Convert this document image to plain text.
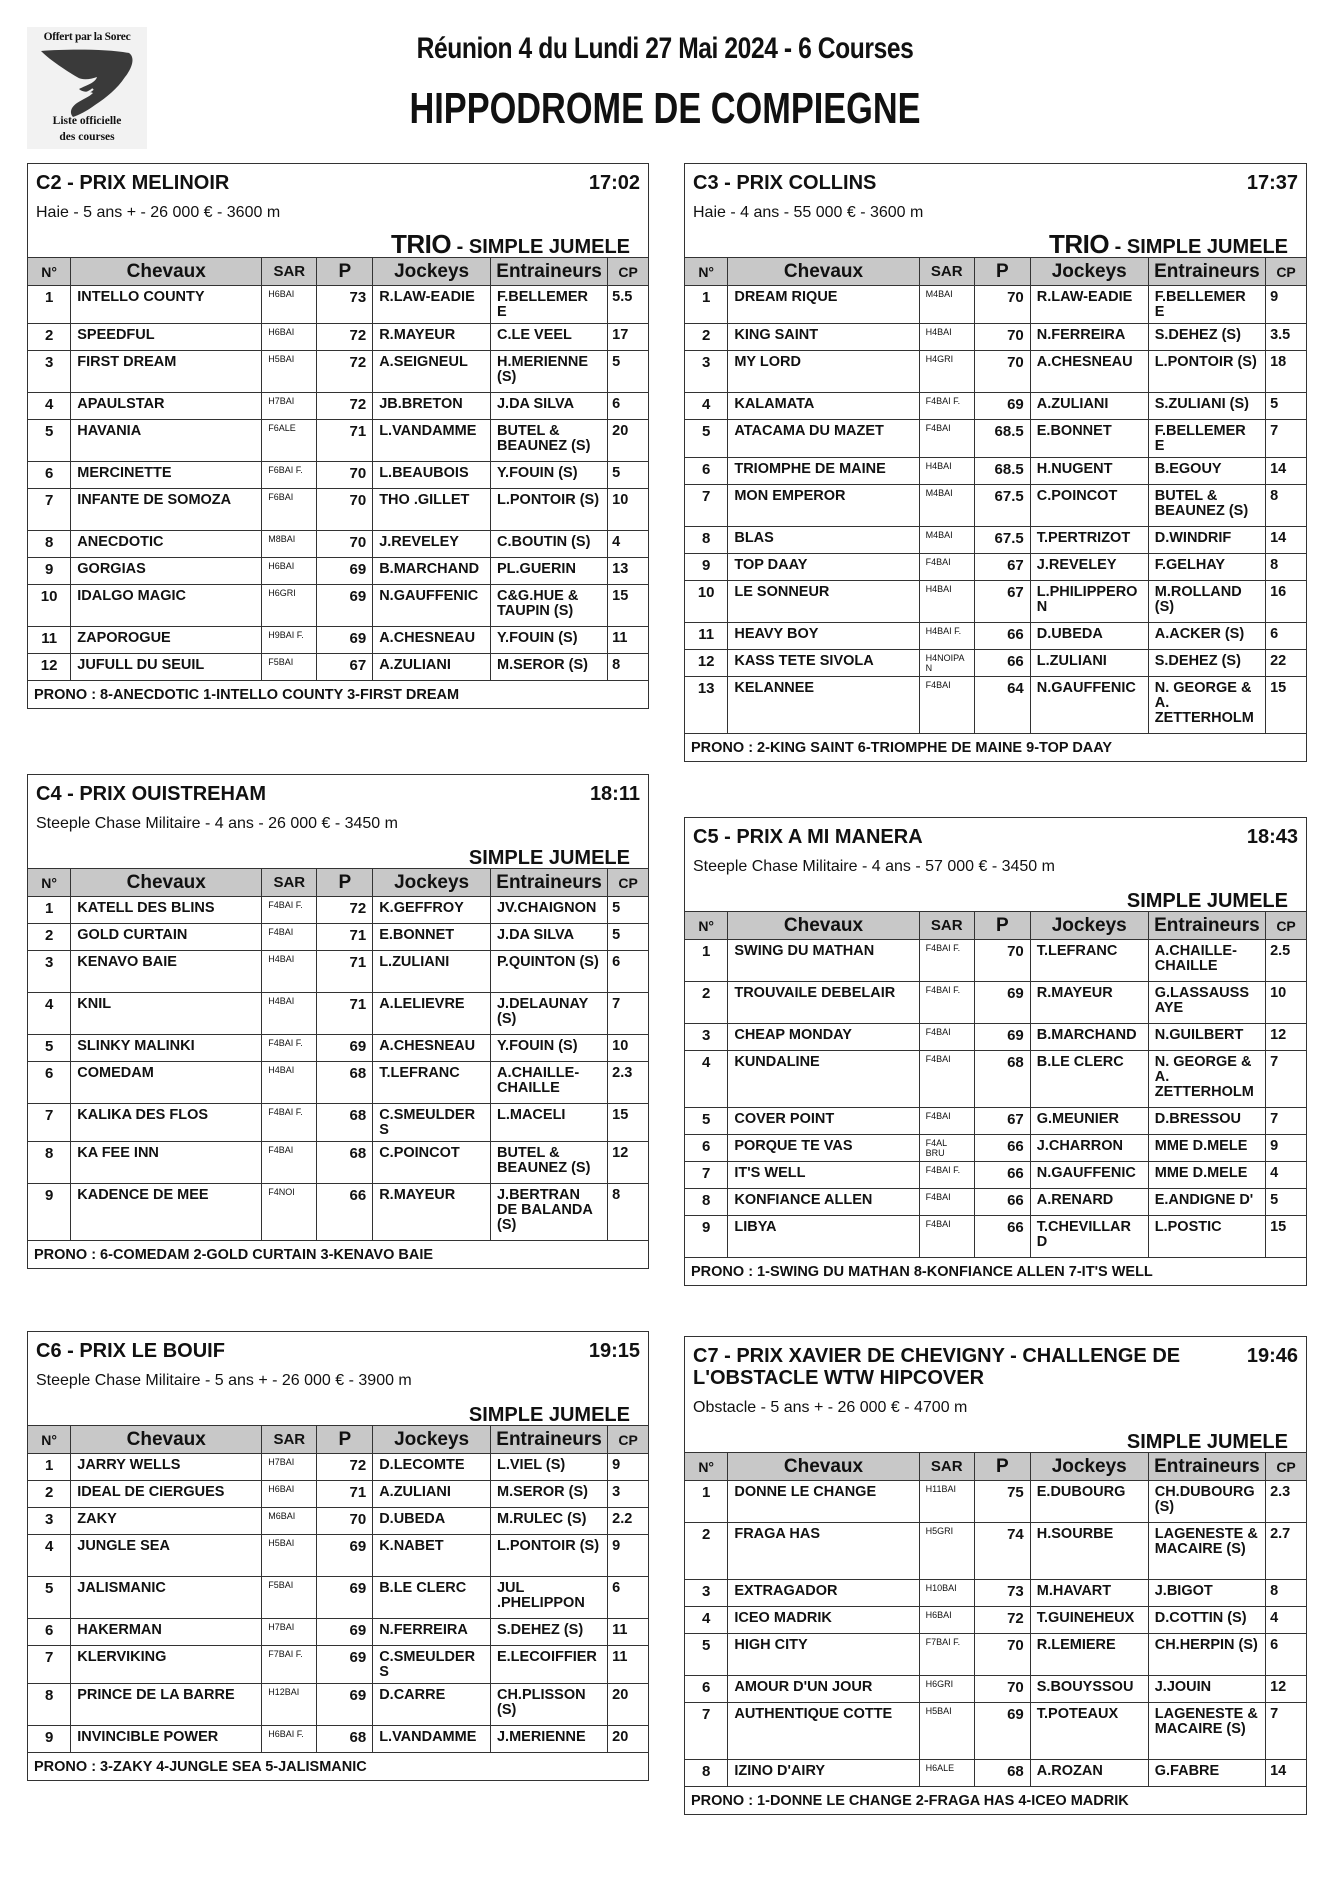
Offert par la Sorec
Liste officielle
des courses
Réunion 4 du Lundi 27 Mai 2024 - 6 Courses
HIPPODROME DE COMPIEGNE
C2 - PRIX MELINOIR	17:02
Haie - 5 ans + - 26 000 € - 3600 m
TRIO - SIMPLE JUMELE
N°	Chevaux	SAR	P	Jockeys	Entraineurs	CP
1	INTELLO COUNTY	H6BAI	73	R.LAW-EADIE	F.BELLEMER E	5.5
2	SPEEDFUL	H6BAI	72	R.MAYEUR	C.LE VEEL	17
3	FIRST DREAM	H5BAI	72	A.SEIGNEUL	H.MERIENNE (S)	5
4	APAULSTAR	H7BAI	72	JB.BRETON	J.DA SILVA	6
5	HAVANIA	F6ALE	71	L.VANDAMME	BUTEL & BEAUNEZ (S)	20
6	MERCINETTE	F6BAI F.	70	L.BEAUBOIS	Y.FOUIN (S)	5
7	INFANTE DE SOMOZA	F6BAI	70	THO .GILLET	L.PONTOIR (S)	10
8	ANECDOTIC	M8BAI	70	J.REVELEY	C.BOUTIN (S)	4
9	GORGIAS	H6BAI	69	B.MARCHAND	PL.GUERIN	13
10	IDALGO MAGIC	H6GRI	69	N.GAUFFENIC	C&G.HUE & TAUPIN (S)	15
11	ZAPOROGUE	H9BAI F.	69	A.CHESNEAU	Y.FOUIN (S)	11
12	JUFULL DU SEUIL	F5BAI	67	A.ZULIANI	M.SEROR (S)	8
PRONO : 8-ANECDOTIC 1-INTELLO COUNTY 3-FIRST DREAM
C3 - PRIX COLLINS	17:37
Haie - 4 ans - 55 000 € - 3600 m
TRIO - SIMPLE JUMELE
N°	Chevaux	SAR	P	Jockeys	Entraineurs	CP
1	DREAM RIQUE	M4BAI	70	R.LAW-EADIE	F.BELLEMER E	9
2	KING SAINT	H4BAI	70	N.FERREIRA	S.DEHEZ (S)	3.5
3	MY LORD	H4GRI	70	A.CHESNEAU	L.PONTOIR (S)	18
4	KALAMATA	F4BAI F.	69	A.ZULIANI	S.ZULIANI (S)	5
5	ATACAMA DU MAZET	F4BAI	68.5	E.BONNET	F.BELLEMER E	7
6	TRIOMPHE DE MAINE	H4BAI	68.5	H.NUGENT	B.EGOUY	14
7	MON EMPEROR	M4BAI	67.5	C.POINCOT	BUTEL & BEAUNEZ (S)	8
8	BLAS	M4BAI	67.5	T.PERTRIZOT	D.WINDRIF	14
9	TOP DAAY	F4BAI	67	J.REVELEY	F.GELHAY	8
10	LE SONNEUR	H4BAI	67	L.PHILIPPERO N	M.ROLLAND (S)	16
11	HEAVY BOY	H4BAI F.	66	D.UBEDA	A.ACKER (S)	6
12	KASS TETE SIVOLA	H4NOIPA N	66	L.ZULIANI	S.DEHEZ (S)	22
13	KELANNEE	F4BAI	64	N.GAUFFENIC	N. GEORGE & A. ZETTERHOLM	15
PRONO : 2-KING SAINT 6-TRIOMPHE DE MAINE 9-TOP DAAY
C4 - PRIX OUISTREHAM	18:11
Steeple Chase Militaire - 4 ans - 26 000 € - 3450 m
SIMPLE JUMELE
N°	Chevaux	SAR	P	Jockeys	Entraineurs	CP
1	KATELL DES BLINS	F4BAI F.	72	K.GEFFROY	JV.CHAIGNON	5
2	GOLD CURTAIN	F4BAI	71	E.BONNET	J.DA SILVA	5
3	KENAVO BAIE	H4BAI	71	L.ZULIANI	P.QUINTON (S)	6
4	KNIL	H4BAI	71	A.LELIEVRE	J.DELAUNAY (S)	7
5	SLINKY MALINKI	F4BAI F.	69	A.CHESNEAU	Y.FOUIN (S)	10
6	COMEDAM	H4BAI	68	T.LEFRANC	A.CHAILLE-CHAILLE	2.3
7	KALIKA DES FLOS	F4BAI F.	68	C.SMEULDER S	L.MACELI	15
8	KA FEE INN	F4BAI	68	C.POINCOT	BUTEL & BEAUNEZ (S)	12
9	KADENCE DE MEE	F4NOI	66	R.MAYEUR	J.BERTRAN DE BALANDA (S)	8
PRONO : 6-COMEDAM 2-GOLD CURTAIN 3-KENAVO BAIE
C5 - PRIX A MI MANERA	18:43
Steeple Chase Militaire - 4 ans - 57 000 € - 3450 m
SIMPLE JUMELE
N°	Chevaux	SAR	P	Jockeys	Entraineurs	CP
1	SWING DU MATHAN	F4BAI F.	70	T.LEFRANC	A.CHAILLE-CHAILLE	2.5
2	TROUVAILE DEBELAIR	F4BAI F.	69	R.MAYEUR	G.LASSAUSS AYE	10
3	CHEAP MONDAY	F4BAI	69	B.MARCHAND	N.GUILBERT	12
4	KUNDALINE	F4BAI	68	B.LE CLERC	N. GEORGE & A. ZETTERHOLM	7
5	COVER POINT	F4BAI	67	G.MEUNIER	D.BRESSOU	7
6	PORQUE TE VAS	F4AL BRU	66	J.CHARRON	MME D.MELE	9
7	IT'S WELL	F4BAI F.	66	N.GAUFFENIC	MME D.MELE	4
8	KONFIANCE ALLEN	F4BAI	66	A.RENARD	E.ANDIGNE D'	5
9	LIBYA	F4BAI	66	T.CHEVILLAR D	L.POSTIC	15
PRONO : 1-SWING DU MATHAN 8-KONFIANCE ALLEN 7-IT'S WELL
C6 - PRIX LE BOUIF	19:15
Steeple Chase Militaire - 5 ans + - 26 000 € - 3900 m
SIMPLE JUMELE
N°	Chevaux	SAR	P	Jockeys	Entraineurs	CP
1	JARRY WELLS	H7BAI	72	D.LECOMTE	L.VIEL (S)	9
2	IDEAL DE CIERGUES	H6BAI	71	A.ZULIANI	M.SEROR (S)	3
3	ZAKY	M6BAI	70	D.UBEDA	M.RULEC (S)	2.2
4	JUNGLE SEA	H5BAI	69	K.NABET	L.PONTOIR (S)	9
5	JALISMANIC	F5BAI	69	B.LE CLERC	JUL .PHELIPPON	6
6	HAKERMAN	H7BAI	69	N.FERREIRA	S.DEHEZ (S)	11
7	KLERVIKING	F7BAI F.	69	C.SMEULDER S	E.LECOIFFIER	11
8	PRINCE DE LA BARRE	H12BAI	69	D.CARRE	CH.PLISSON (S)	20
9	INVINCIBLE POWER	H6BAI F.	68	L.VANDAMME	J.MERIENNE	20
PRONO : 3-ZAKY 4-JUNGLE SEA 5-JALISMANIC
C7 - PRIX XAVIER DE CHEVIGNY - CHALLENGE DE L'OBSTACLE WTW HIPCOVER
19:46
Obstacle - 5 ans + - 26 000 € - 4700 m
SIMPLE JUMELE
N°	Chevaux	SAR	P	Jockeys	Entraineurs	CP
1	DONNE LE CHANGE	H11BAI	75	E.DUBOURG	CH.DUBOURG (S)	2.3
2	FRAGA HAS	H5GRI	74	H.SOURBE	LAGENESTE & MACAIRE (S)	2.7
3	EXTRAGADOR	H10BAI	73	M.HAVART	J.BIGOT	8
4	ICEO MADRIK	H6BAI	72	T.GUINEHEUX	D.COTTIN (S)	4
5	HIGH CITY	F7BAI F.	70	R.LEMIERE	CH.HERPIN (S)	6
6	AMOUR D'UN JOUR	H6GRI	70	S.BOUYSSOU	J.JOUIN	12
7	AUTHENTIQUE COTTE	H5BAI	69	T.POTEAUX	LAGENESTE & MACAIRE (S)	7
8	IZINO D'AIRY	H6ALE	68	A.ROZAN	G.FABRE	14
PRONO : 1-DONNE LE CHANGE 2-FRAGA HAS 4-ICEO MADRIK
